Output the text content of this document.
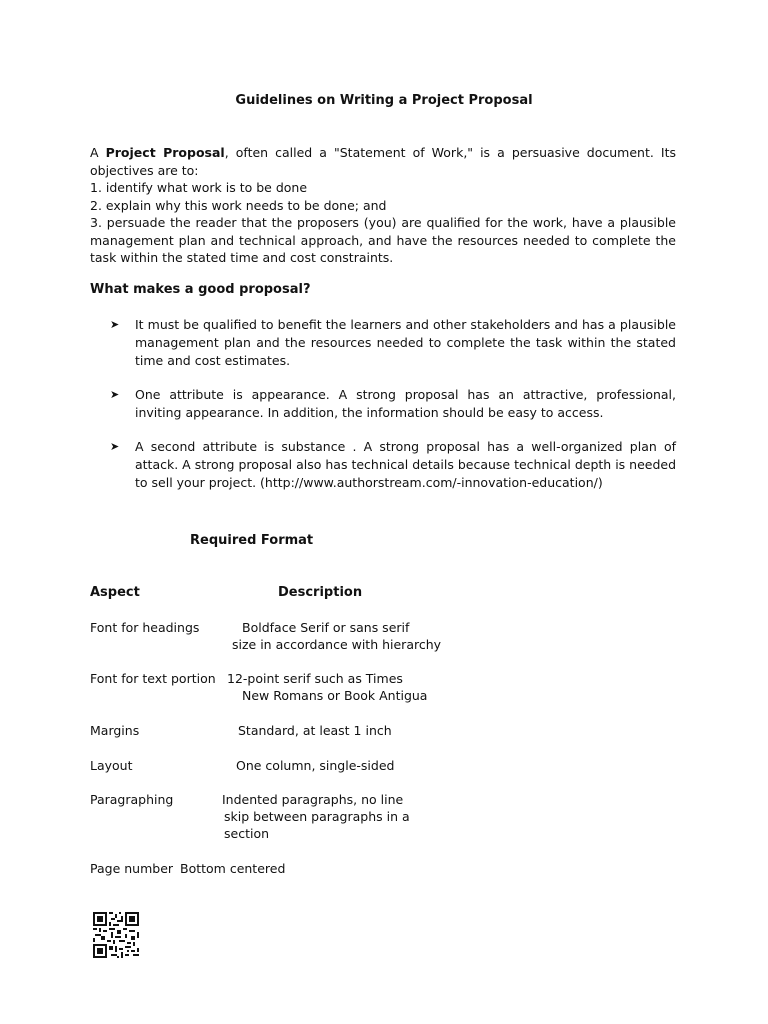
Guidelines on Writing a Project Proposal

A Project Proposal, often called a "Statement of Work," is a persuasive document. Its objectives are to:

1. identify what work is to be done
2. explain why this work needs to be done; and
3. persuade the reader that the proposers (you) are qualified for the work, have a plausible management plan and technical approach, and have the resources needed to complete the task within the stated time and cost constraints.
What makes a good proposal?
➤ It must be qualified to benefit the learners and other stakeholders and has a plausible management plan and the resources needed to complete the task within the stated time and cost estimates.
➤ One attribute is appearance. A strong proposal has an attractive, professional, inviting appearance. In addition, the information should be easy to access.
➤ A second attribute is substance . A strong proposal has a well-organized plan of attack. A strong proposal also has technical details because technical depth is needed to sell your project. (http://www.authorstream.com/-innovation-education/)
Required Format
Aspect	Description
Font for headings	Boldface Serif or sans serif
size in accordance with hierarchy
Font for text portion 12-point serif such as Times
New Romans or Book Antigua
Margins	Standard, at least 1 inch
Layout	One column, single-sided
Paragraphing	Indented paragraphs, no line
skip between paragraphs in a
section
Page number Bottom centered
